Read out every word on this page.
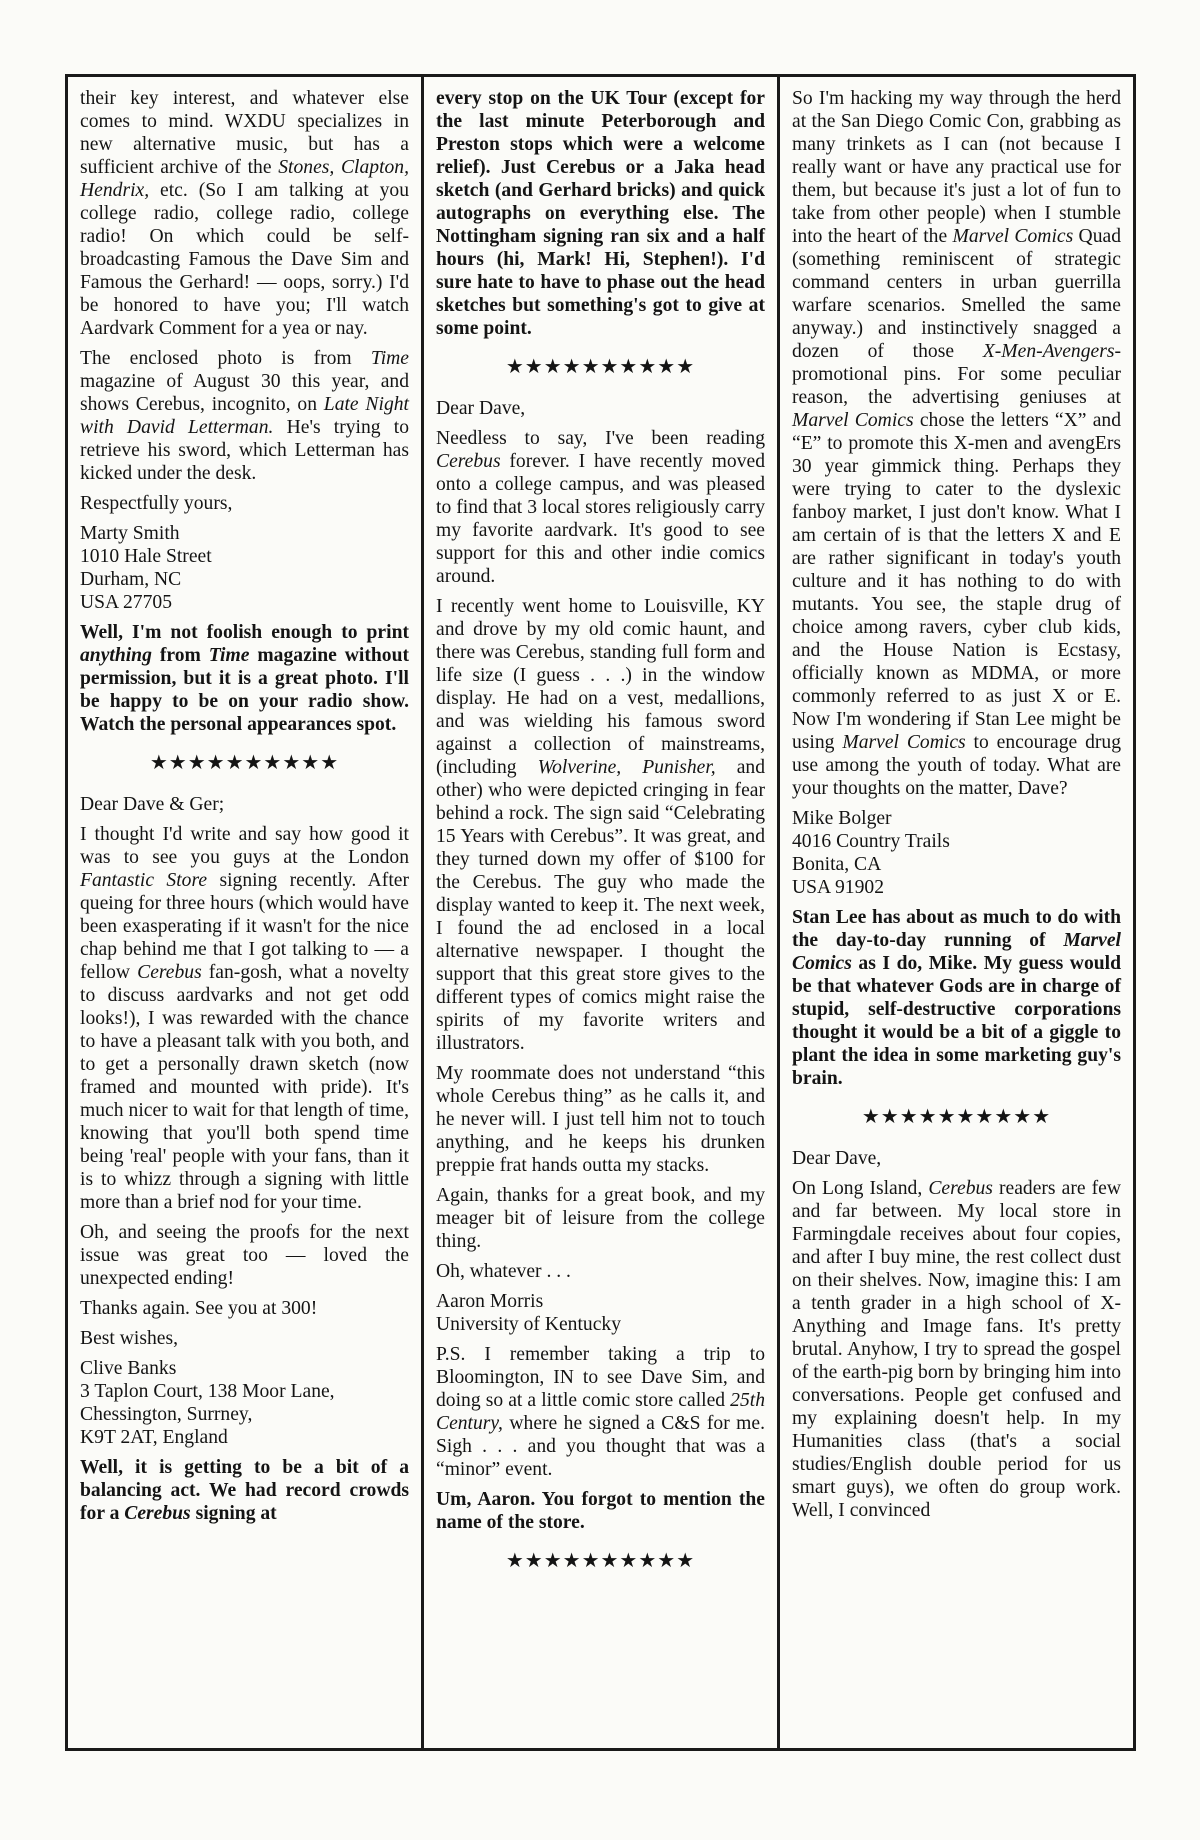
their key interest, and whatever else comes to mind. WXDU specializes in new alternative music, but has a sufficient archive of the Stones, Clapton, Hendrix, etc. (So I am talking at you college radio, college radio, college radio! On which could be self-broadcasting Famous the Dave Sim and Famous the Gerhard! — oops, sorry.) I'd be honored to have you; I'll watch Aardvark Comment for a yea or nay.

The enclosed photo is from Time magazine of August 30 this year, and shows Cerebus, incognito, on Late Night with David Letterman. He's trying to retrieve his sword, which Letterman has kicked under the desk.

Respectfully yours,

Marty Smith
1010 Hale Street
Durham, NC
USA 27705

Well, I'm not foolish enough to print anything from Time magazine without permission, but it is a great photo. I'll be happy to be on your radio show. Watch the personal appearances spot.

★★★★★★★★★★

Dear Dave & Ger;

I thought I'd write and say how good it was to see you guys at the London Fantastic Store signing recently. After queing for three hours (which would have been exasperating if it wasn't for the nice chap behind me that I got talking to — a fellow Cerebus fan-gosh, what a novelty to discuss aardvarks and not get odd looks!), I was rewarded with the chance to have a pleasant talk with you both, and to get a personally drawn sketch (now framed and mounted with pride). It's much nicer to wait for that length of time, knowing that you'll both spend time being 'real' people with your fans, than it is to whizz through a signing with little more than a brief nod for your time.

Oh, and seeing the proofs for the next issue was great too — loved the unexpected ending!

Thanks again. See you at 300!

Best wishes,

Clive Banks
3 Taplon Court, 138 Moor Lane,
Chessington, Surrney,
K9T 2AT, England

Well, it is getting to be a bit of a balancing act. We had record crowds for a Cerebus signing at

every stop on the UK Tour (except for the last minute Peterborough and Preston stops which were a welcome relief). Just Cerebus or a Jaka head sketch (and Gerhard bricks) and quick autographs on everything else. The Nottingham signing ran six and a half hours (hi, Mark! Hi, Stephen!). I'd sure hate to have to phase out the head sketches but something's got to give at some point.

★★★★★★★★★★

Dear Dave,

Needless to say, I've been reading Cerebus forever. I have recently moved onto a college campus, and was pleased to find that 3 local stores religiously carry my favorite aardvark. It's good to see support for this and other indie comics around.

I recently went home to Louisville, KY and drove by my old comic haunt, and there was Cerebus, standing full form and life size (I guess . . .) in the window display. He had on a vest, medallions, and was wielding his famous sword against a collection of mainstreams, (including Wolverine, Punisher, and other) who were depicted cringing in fear behind a rock. The sign said “Celebrating 15 Years with Cerebus”. It was great, and they turned down my offer of $100 for the Cerebus. The guy who made the display wanted to keep it. The next week, I found the ad enclosed in a local alternative newspaper. I thought the support that this great store gives to the different types of comics might raise the spirits of my favorite writers and illustrators.

My roommate does not understand “this whole Cerebus thing” as he calls it, and he never will. I just tell him not to touch anything, and he keeps his drunken preppie frat hands outta my stacks.

Again, thanks for a great book, and my meager bit of leisure from the college thing.

Oh, whatever . . .

Aaron Morris
University of Kentucky

P.S. I remember taking a trip to Bloomington, IN to see Dave Sim, and doing so at a little comic store called 25th Century, where he signed a C&S for me. Sigh . . . and you thought that was a “minor” event.

Um, Aaron. You forgot to mention the name of the store.

★★★★★★★★★★

So I'm hacking my way through the herd at the San Diego Comic Con, grabbing as many trinkets as I can (not because I really want or have any practical use for them, but because it's just a lot of fun to take from other people) when I stumble into the heart of the Marvel Comics Quad (something reminiscent of strategic command centers in urban guerrilla warfare scenarios. Smelled the same anyway.) and instinctively snagged a dozen of those X-Men-Avengers- promotional pins. For some peculiar reason, the advertising geniuses at Marvel Comics chose the letters “X” and “E” to promote this X-men and avengErs 30 year gimmick thing. Perhaps they were trying to cater to the dyslexic fanboy market, I just don't know. What I am certain of is that the letters X and E are rather significant in today's youth culture and it has nothing to do with mutants. You see, the staple drug of choice among ravers, cyber club kids, and the House Nation is Ecstasy, officially known as MDMA, or more commonly referred to as just X or E. Now I'm wondering if Stan Lee might be using Marvel Comics to encourage drug use among the youth of today. What are your thoughts on the matter, Dave?

Mike Bolger
4016 Country Trails
Bonita, CA
USA 91902

Stan Lee has about as much to do with the day-to-day running of Marvel Comics as I do, Mike. My guess would be that whatever Gods are in charge of stupid, self-destructive corporations thought it would be a bit of a giggle to plant the idea in some marketing guy's brain.

★★★★★★★★★★

Dear Dave,

On Long Island, Cerebus readers are few and far between. My local store in Farmingdale receives about four copies, and after I buy mine, the rest collect dust on their shelves. Now, imagine this: I am a tenth grader in a high school of X-Anything and Image fans. It's pretty brutal. Anyhow, I try to spread the gospel of the earth-pig born by bringing him into conversations. People get confused and my explaining doesn't help. In my Humanities class (that's a social studies/English double period for us smart guys), we often do group work. Well, I convinced
